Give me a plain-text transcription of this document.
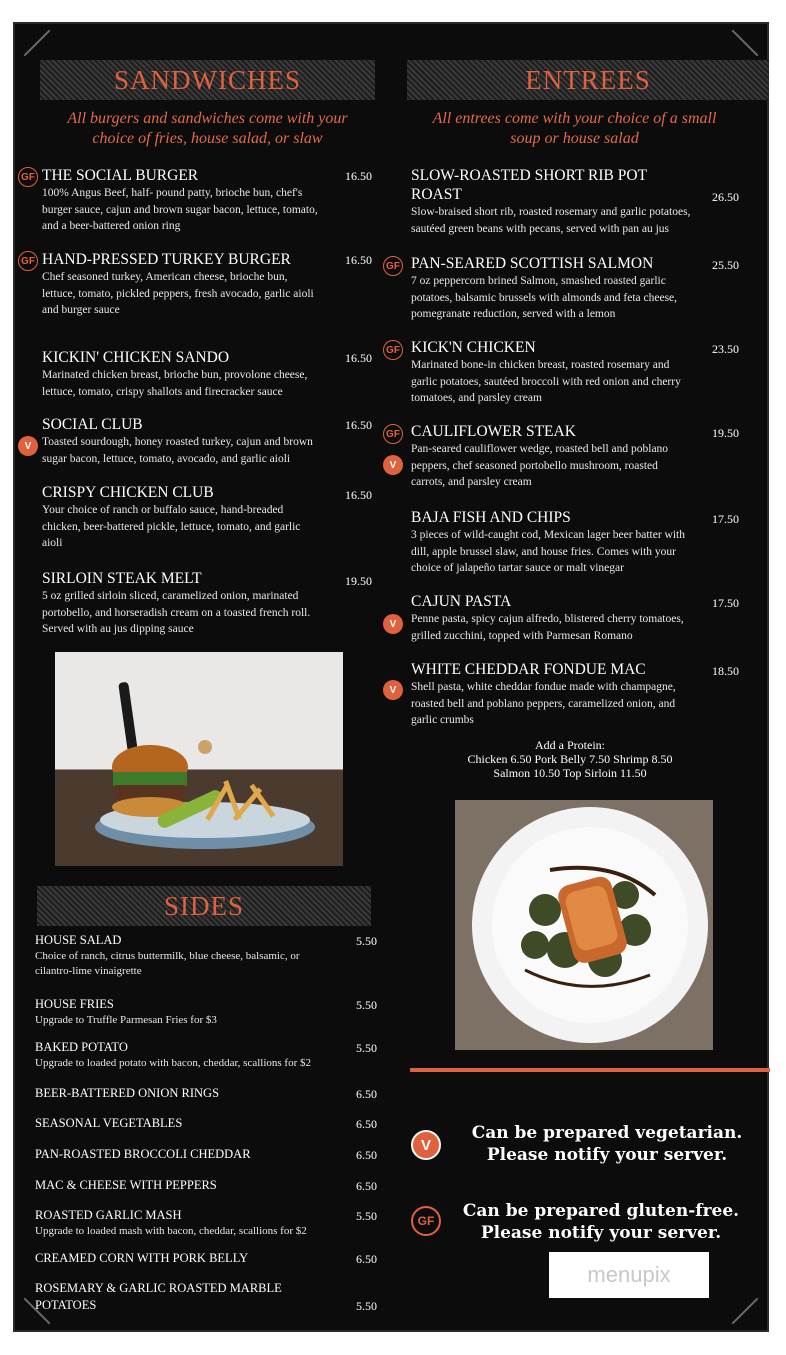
SANDWICHES
All burgers and sandwiches come with your
choice of fries, house salad, or slaw
GF THE SOCIAL BURGER	16.50
100% Angus Beef, half- pound patty, brioche bun, chef's
burger sauce, cajun and brown sugar bacon, lettuce, tomato,
and a beer-battered onion ring
GF HAND-PRESSED TURKEY BURGER	16.50
Chef seasoned turkey, American cheese, brioche bun,
lettuce, tomato, pickled peppers, fresh avocado, garlic aioli
and burger sauce
KICKIN' CHICKEN SANDO	16.50
Marinated chicken breast, brioche bun, provolone cheese,
lettuce, tomato, crispy shallots and firecracker sauce
V
SOCIAL CLUB	16.50
Toasted sourdough, honey roasted turkey, cajun and brown
sugar bacon, lettuce, tomato, avocado, and garlic aioli
CRISPY CHICKEN CLUB	16.50
Your choice of ranch or buffalo sauce, hand-breaded
chicken, beer-battered pickle, lettuce, tomato, and garlic
aioli
SIRLOIN STEAK MELT	19.50
5 oz grilled sirloin sliced, caramelized onion, marinated
portobello, and horseradish cream on a toasted french roll.
Served with au jus dipping sauce
SIDES
HOUSE SALAD	5.50
Choice of ranch, citrus buttermilk, blue cheese, balsamic, or
cilantro-lime vinaigrette
HOUSE FRIES	5.50
Upgrade to Truffle Parmesan Fries for $3
BAKED POTATO	5.50
Upgrade to loaded potato with bacon, cheddar, scallions for $2
BEER-BATTERED ONION RINGS	6.50
SEASONAL VEGETABLES	6.50
PAN-ROASTED BROCCOLI CHEDDAR	6.50
MAC & CHEESE WITH PEPPERS	6.50
ROASTED GARLIC MASH	5.50
Upgrade to loaded mash with bacon, cheddar, scallions for $2
CREAMED CORN WITH PORK BELLY	6.50
ROSEMARY & GARLIC ROASTED MARBLE
POTATOES	5.50
ENTREES
All entrees come with your choice of a small
soup or house salad
SLOW-ROASTED SHORT RIB POT
ROAST	26.50
Slow-braised short rib, roasted rosemary and garlic potatoes,
sautéed green beans with pecans, served with pan au jus
GF PAN-SEARED SCOTTISH SALMON	25.50
7 oz peppercorn brined Salmon, smashed roasted garlic
potatoes, balsamic brussels with almonds and feta cheese,
pomegranate reduction, served with a lemon
GF KICK'N CHICKEN	23.50
Marinated bone-in chicken breast, roasted rosemary and
garlic potatoes, sautéed broccoli with red onion and cherry
tomatoes, and parsley cream
GF
V
CAULIFLOWER STEAK	19.50
Pan-seared cauliflower wedge, roasted bell and poblano
peppers, chef seasoned portobello mushroom, roasted
carrots, and parsley cream
BAJA FISH AND CHIPS	17.50
3 pieces of wild-caught cod, Mexican lager beer batter with
dill, apple brussel slaw, and house fries. Comes with your
choice of jalapeño tartar sauce or malt vinegar
V
CAJUN PASTA	17.50
Penne pasta, spicy cajun alfredo, blistered cherry tomatoes,
grilled zucchini, topped with Parmesan Romano
V
WHITE CHEDDAR FONDUE MAC	18.50
Shell pasta, white cheddar fondue made with champagne,
roasted bell and poblano peppers, caramelized onion, and
garlic crumbs
Add a Protein:
Chicken 6.50 Pork Belly 7.50 Shrimp 8.50
Salmon 10.50 Top Sirloin 11.50
V
Can be prepared vegetarian.
Please notify your server.
GF	Can be prepared gluten-free.
Please notify your server.
menupix
